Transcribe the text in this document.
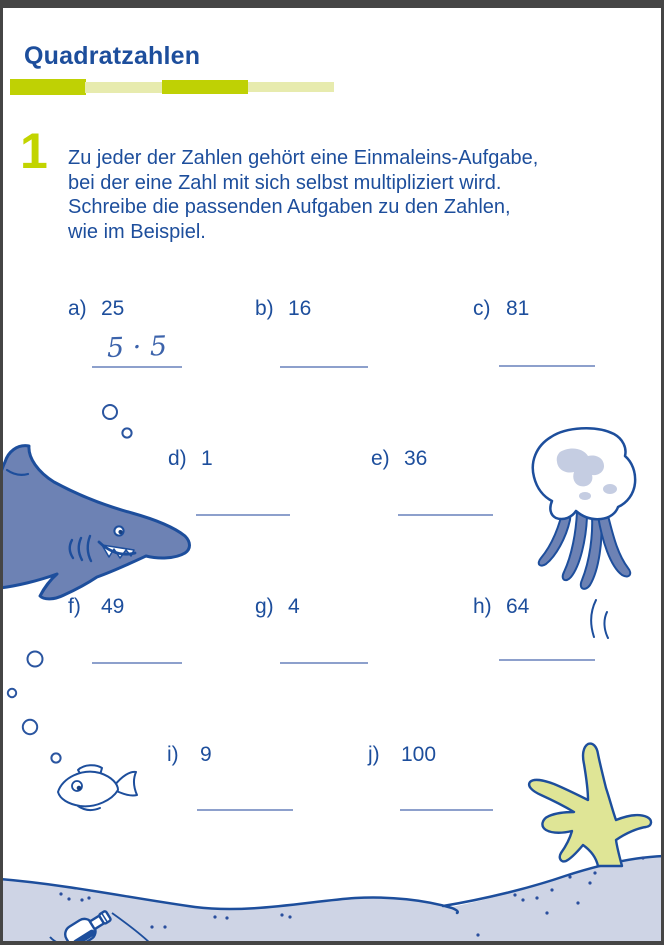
Quadratzahlen
1 Zu jeder der Zahlen gehört eine Einmaleins-Aufgabe,
bei der eine Zahl mit sich selbst multipliziert wird.
Schreibe die passenden Aufgaben zu den Zahlen,
wie im Beispiel.
a) 25	b) 16	c) 81
d) 1	e) 36
f) 49	g) 4	h) 64
i) 9	j) 100
5 · 5
